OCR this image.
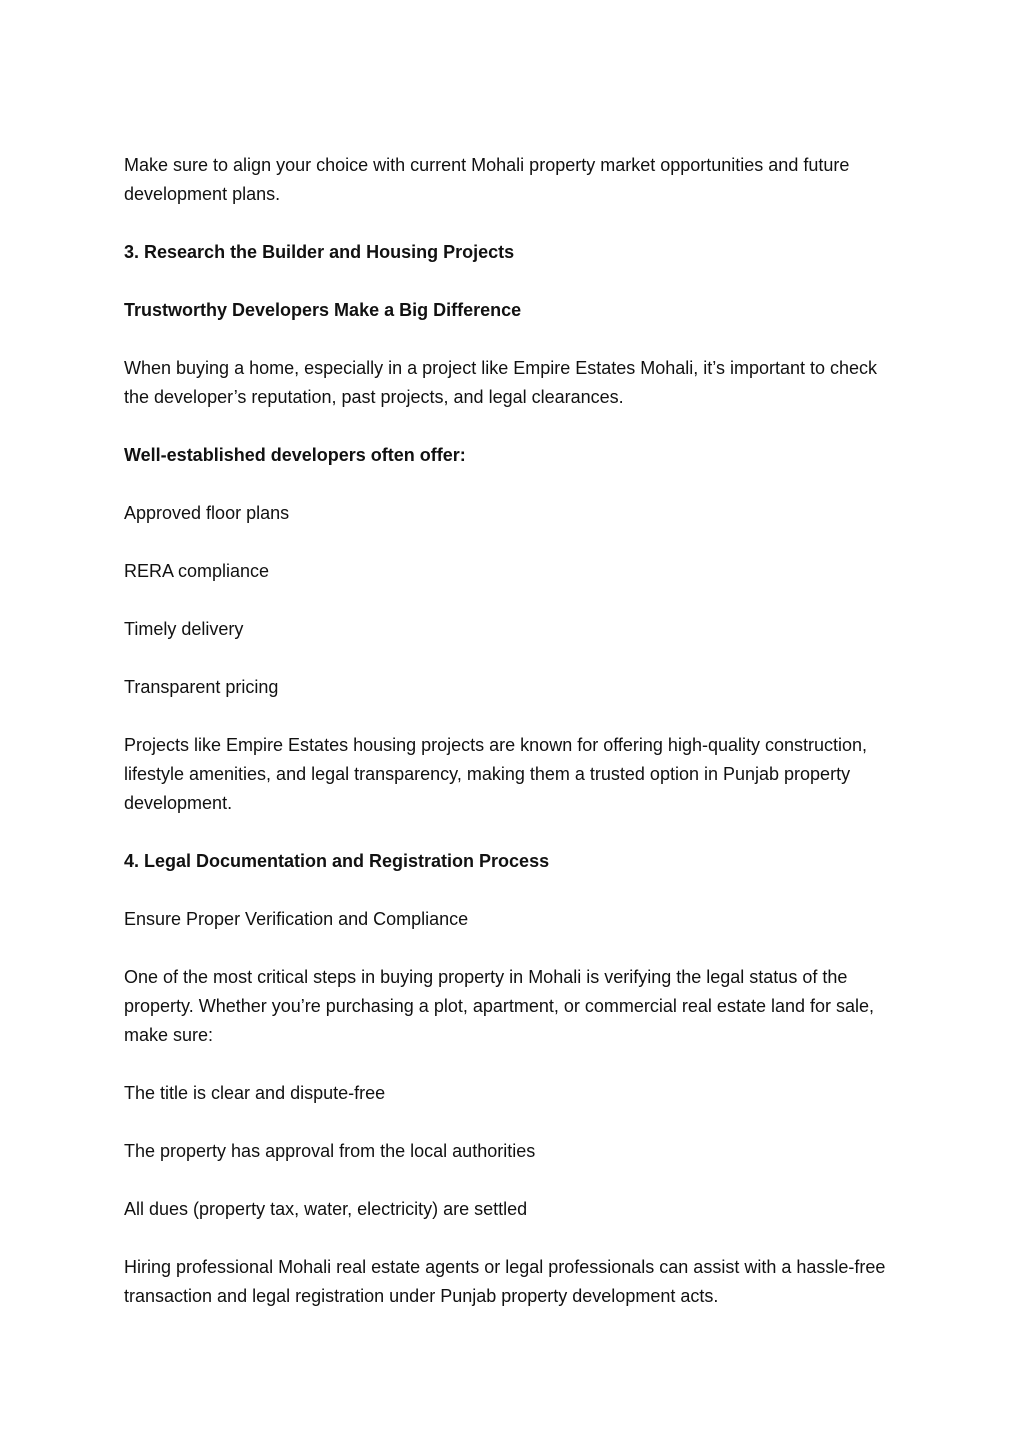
Make sure to align your choice with current Mohali property market opportunities and future development plans.

3. Research the Builder and Housing Projects

Trustworthy Developers Make a Big Difference

When buying a home, especially in a project like Empire Estates Mohali, it’s important to check the developer’s reputation, past projects, and legal clearances.

Well-established developers often offer:

Approved floor plans

RERA compliance

Timely delivery

Transparent pricing

Projects like Empire Estates housing projects are known for offering high-quality construction, lifestyle amenities, and legal transparency, making them a trusted option in Punjab property development.

4. Legal Documentation and Registration Process

Ensure Proper Verification and Compliance

One of the most critical steps in buying property in Mohali is verifying the legal status of the property. Whether you’re purchasing a plot, apartment, or commercial real estate land for sale, make sure:

The title is clear and dispute-free

The property has approval from the local authorities

All dues (property tax, water, electricity) are settled

Hiring professional Mohali real estate agents or legal professionals can assist with a hassle-free transaction and legal registration under Punjab property development acts.
